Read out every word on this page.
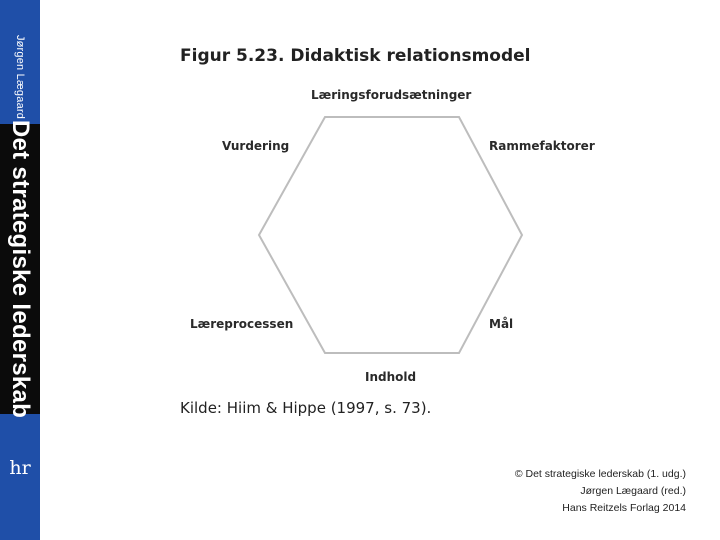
Jørgen Lægaard
Det strategiske lederskab
hr
Figur 5.23. Didaktisk relationsmodel
Læringsforudsætninger
Rammefaktorer
Vurdering
Læreprocessen	Mål
Indhold
Kilde: Hiim & Hippe (1997, s. 73).
© Det strategiske lederskab (1. udg.)
Jørgen Lægaard (red.)
Hans Reitzels Forlag 2014
